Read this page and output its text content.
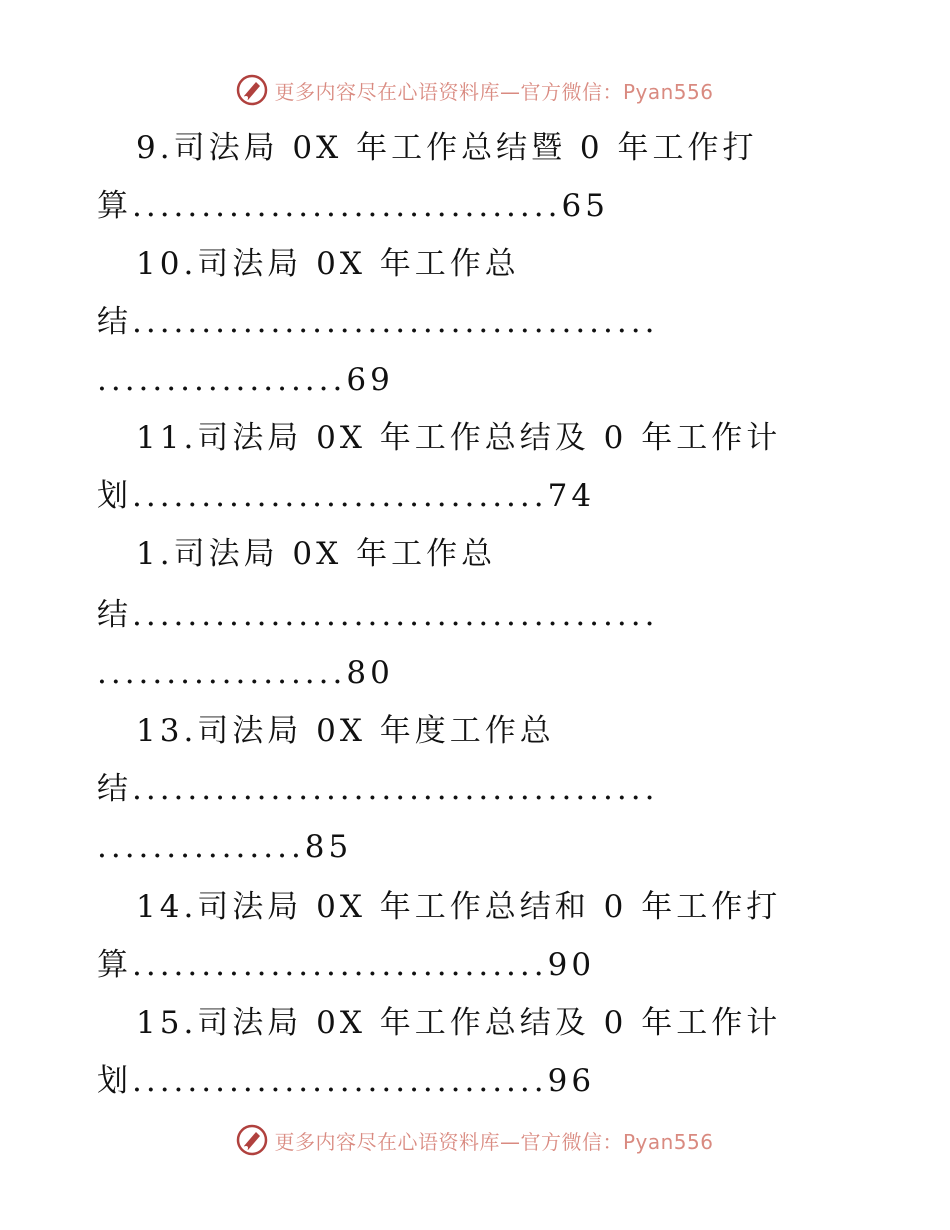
更多内容尽在心语资料库—官方微信：Pyan556
9.司法局 0X 年工作总结暨 0 年工作打
算...............................65
10.司法局 0X 年工作总
结......................................
..................69
11.司法局 0X 年工作总结及 0 年工作计
划..............................74
1.司法局 0X 年工作总
结......................................
..................80
13.司法局 0X 年度工作总
结......................................
...............85
14.司法局 0X 年工作总结和 0 年工作打
算..............................90
15.司法局 0X 年工作总结及 0 年工作计
划..............................96
更多内容尽在心语资料库—官方微信：Pyan556
